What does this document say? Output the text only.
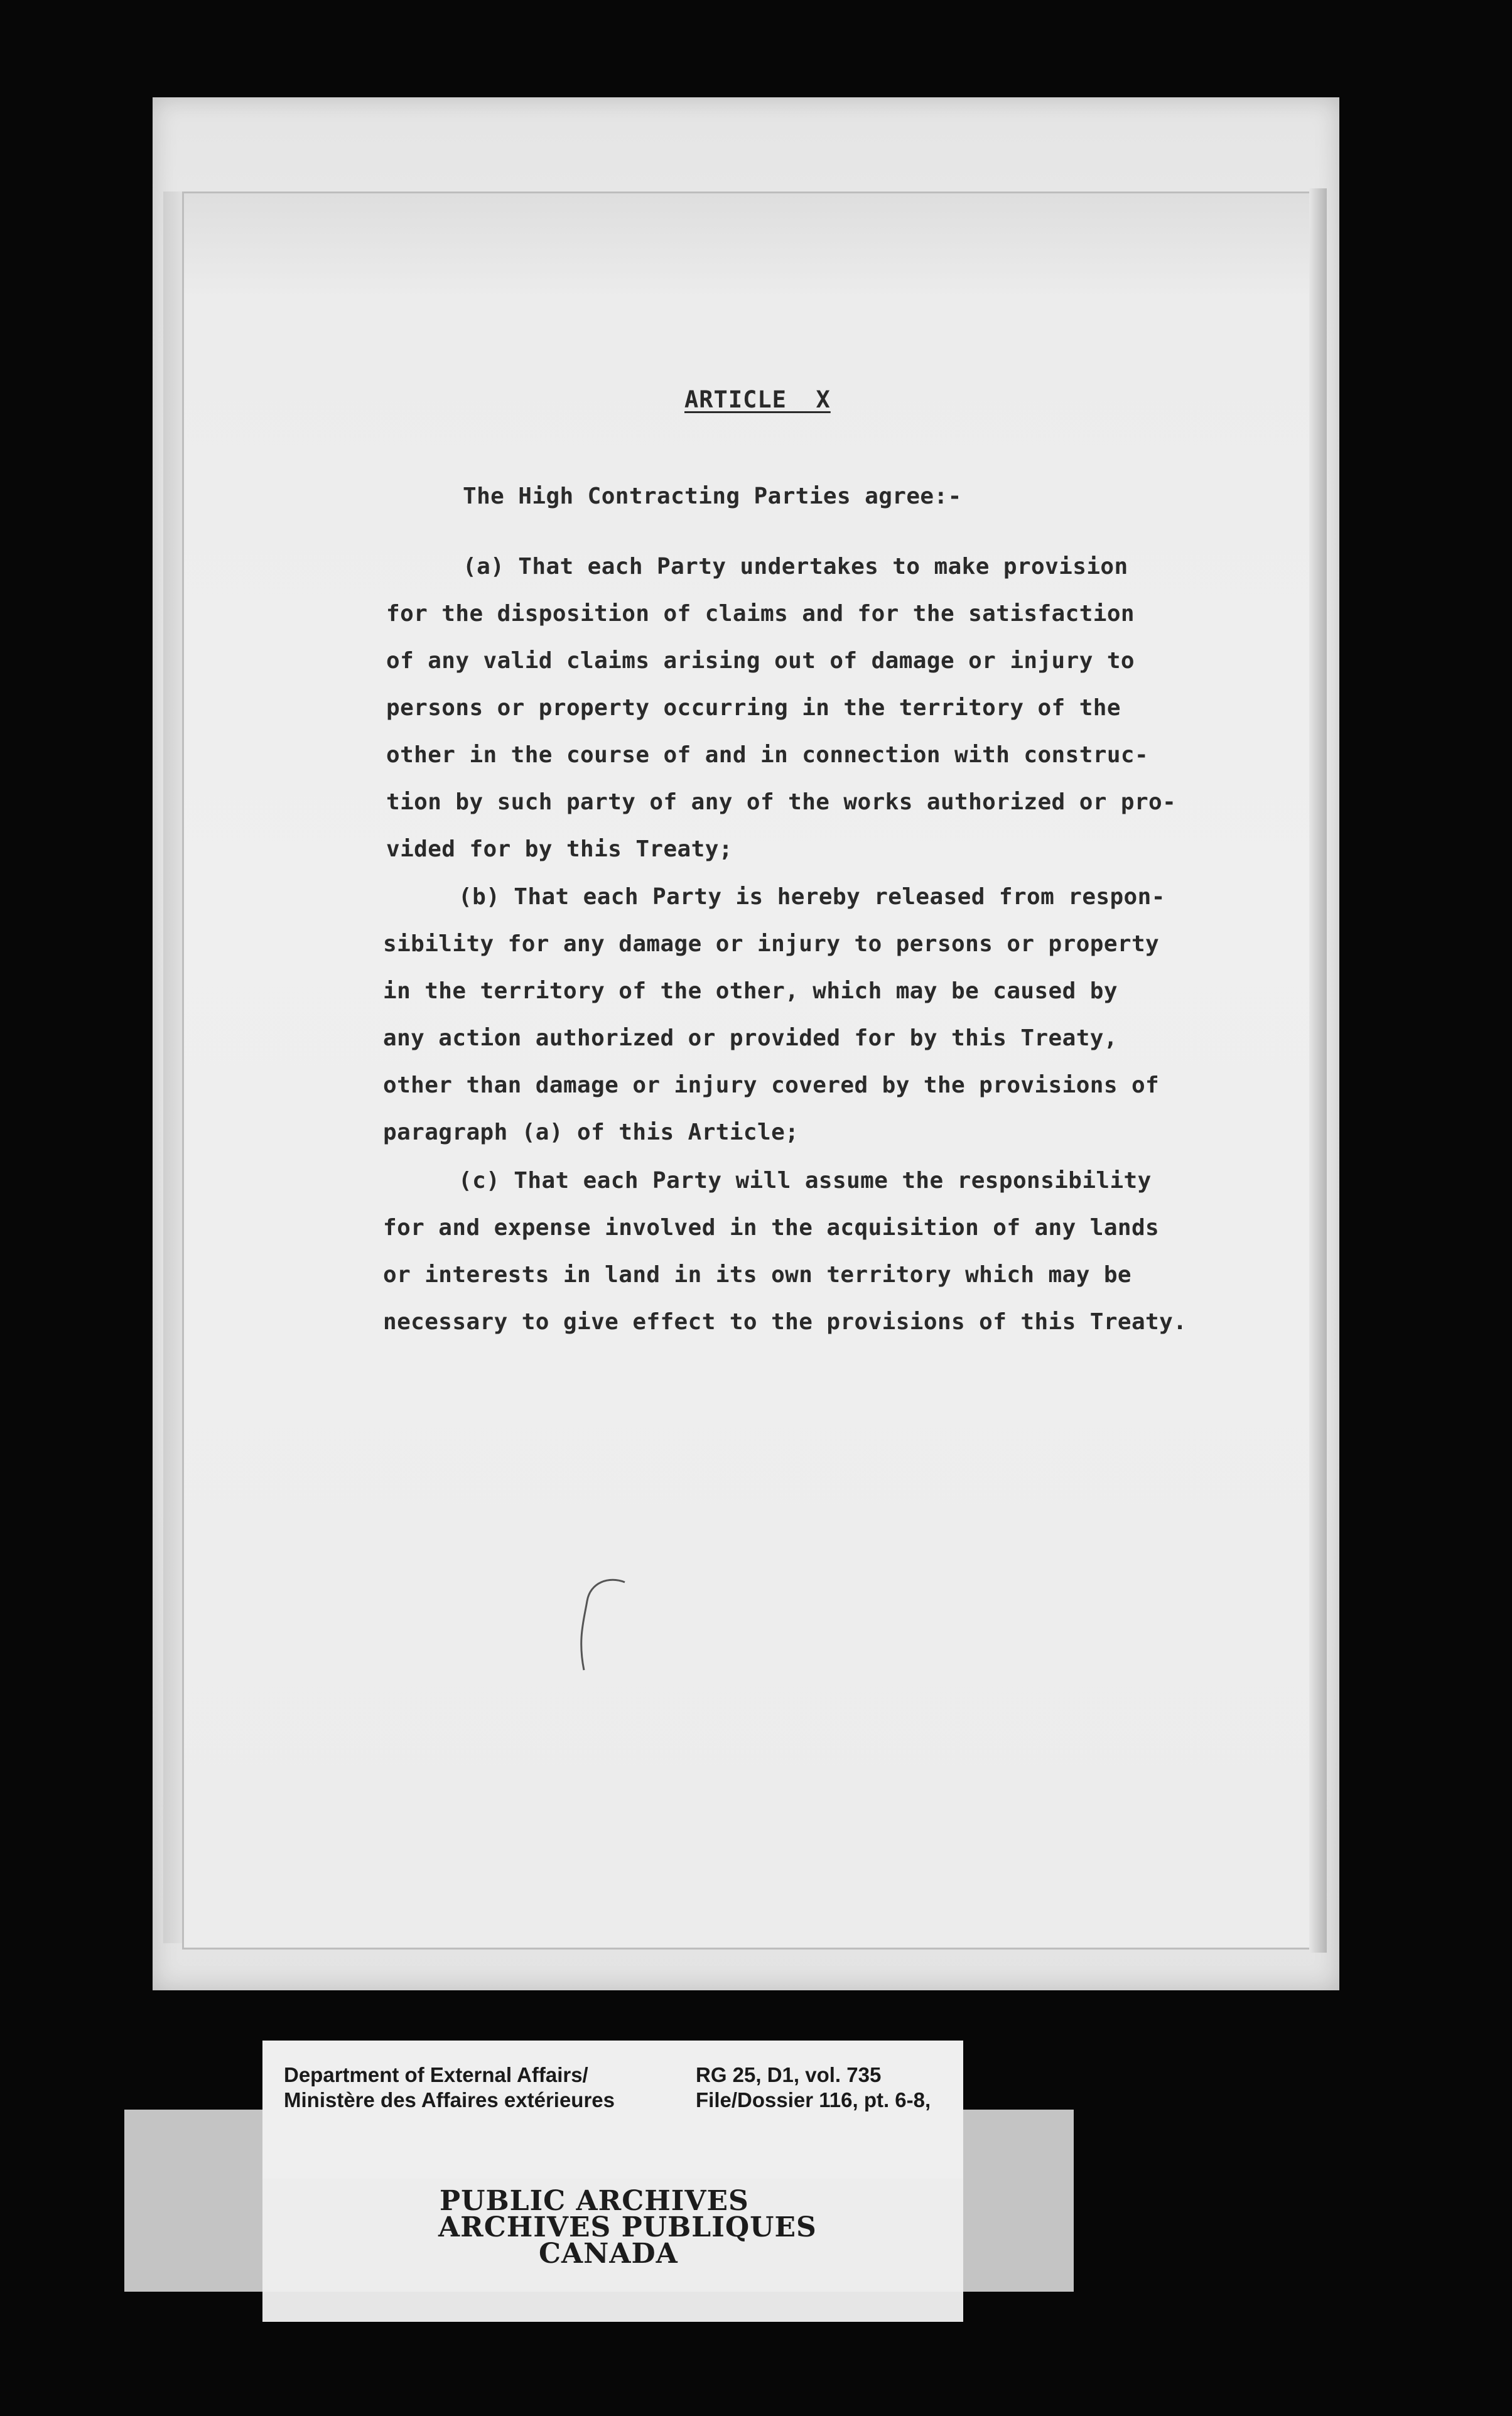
ARTICLE  X
The High Contracting Parties agree:-
(a) That each Party undertakes to make provision
for the disposition of claims and for the satisfaction
of any valid claims arising out of damage or injury to
persons or property occurring in the territory of the
other in the course of and in connection with construc-
tion by such party of any of the works authorized or pro-
vided for by this Treaty;
(b) That each Party is hereby released from respon-
sibility for any damage or injury to persons or property
in the territory of the other, which may be caused by
any action authorized or provided for by this Treaty,
other than damage or injury covered by the provisions of
paragraph (a) of this Article;
(c) That each Party will assume the responsibility
for and expense involved in the acquisition of any lands
or interests in land in its own territory which may be
necessary to give effect to the provisions of this Treaty.
Department of External Affairs/
Ministère des Affaires extérieures
RG 25, D1, vol. 735
File/Dossier 116, pt. 6-8,
PUBLIC ARCHIVES
ARCHIVES PUBLIQUES
CANADA
